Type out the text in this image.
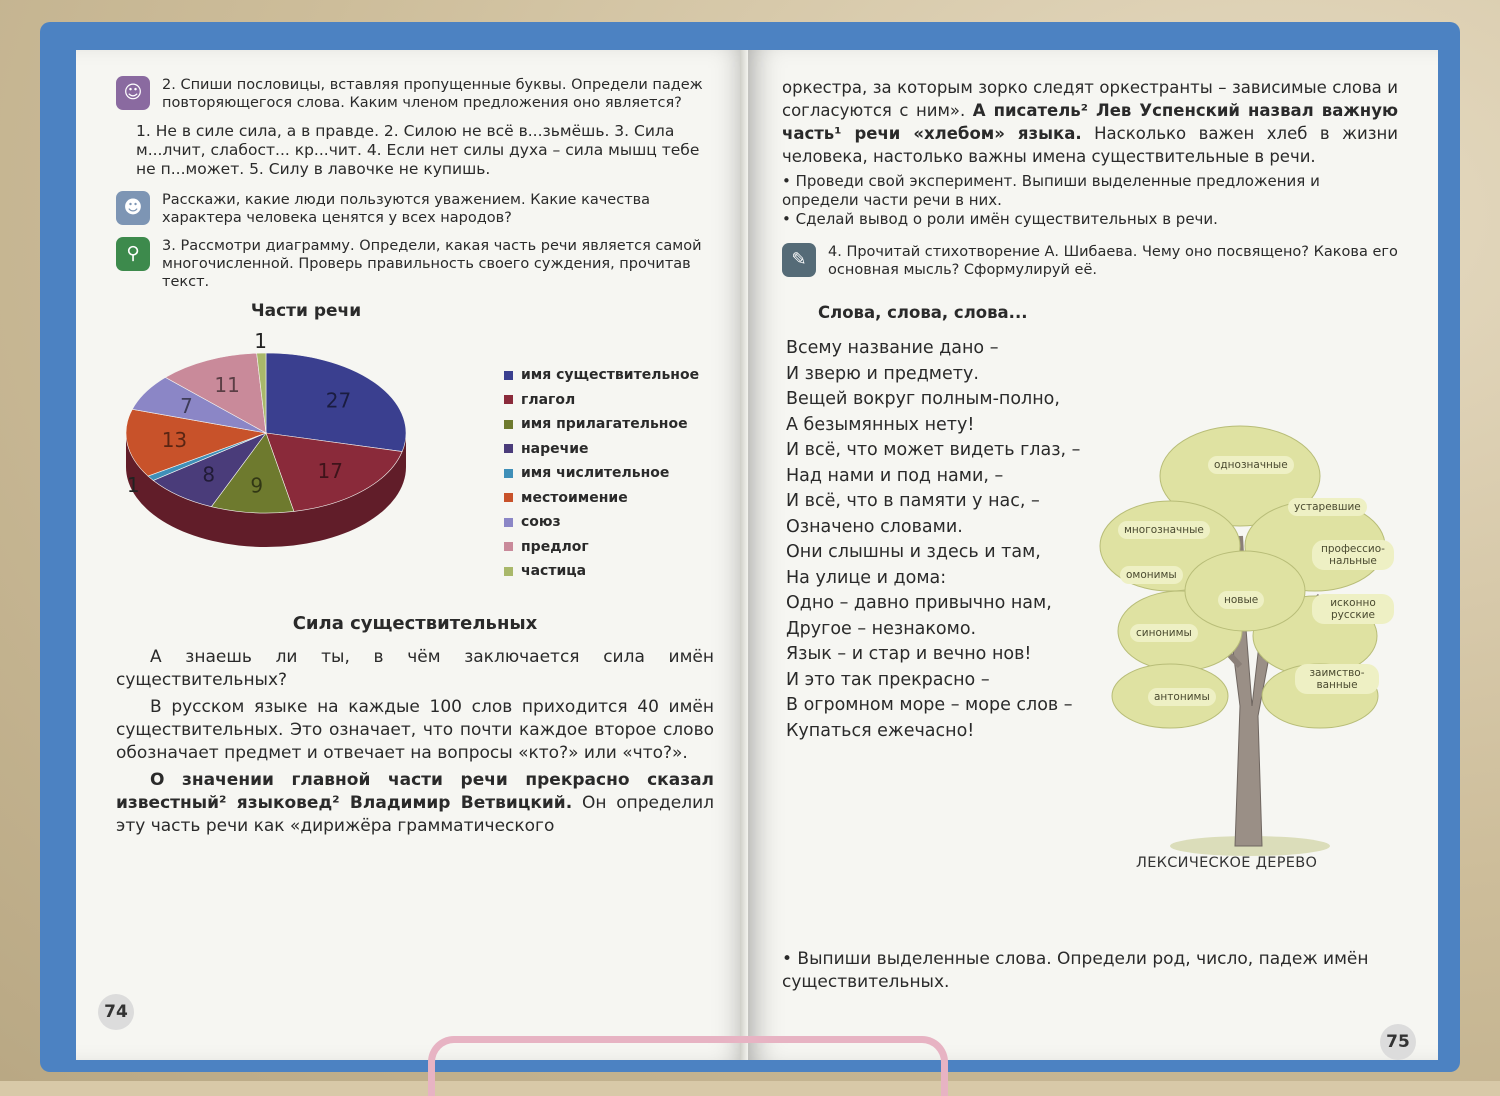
☺	2. Спиши пословицы, вставляя пропущенные буквы. Определи падеж повторяющегося слова. Каким членом предложения оно является?
1. Не в силе сила, а в правде. 2. Силою не всё в...зьмёшь. 3. Сила м...лчит, слабост... кр...чит. 4. Если нет силы духа – сила мышц тебе не п...может. 5. Силу в лавочке не купишь.
☻	Расскажи, какие люди пользуются уважением. Какие качества характера человека ценятся у всех народов?
⚲	3. Рассмотри диаграмму. Определи, какая часть речи является самой многочисленной. Проверь правильность своего суждения, прочитав текст.
Части речи
27
17
9
8
1
13
7
11
1
имя существительное
глагол
имя прилагательное
наречие
имя числительное
местоимение
союз
предлог
частица
Сила существительных

А знаешь ли ты, в чём заключается сила имён существительных?

В русском языке на каждые 100 слов приходится 40 имён существительных. Это означает, что почти каждое второе слово обозначает предмет и отвечает на вопросы «кто?» или «что?».

О значении главной части речи прекрасно сказал известный² языковед² Владимир Ветвицкий. Он определил эту часть речи как «дирижёра грамматического

74

оркестра, за которым зорко следят оркестранты – зависимые слова и согласуются с ним». А писатель² Лев Успенский назвал важную часть¹ речи «хлебом» языка. Насколько важен хлеб в жизни человека, настолько важны имена существительные в речи.

• Проведи свой эксперимент. Выпиши выделенные предложения и определи части речи в них.
• Сделай вывод о роли имён существительных в речи.
✎	4. Прочитай стихотворение А. Шибаева. Чему оно посвящено? Какова его основная мысль? Сформулируй её.
Слова, слова, слова...
Всему название дано –
И зверю и предмету.
Вещей вокруг полным-полно,
А безымянных нету!
И всё, что может видеть глаз, –
Над нами и под нами, –
И всё, что в памяти у нас, –
Означено словами.
Они слышны и здесь и там,
На улице и дома:
Одно – давно привычно нам,
Другое – незнакомо.
Язык – и стар и вечно нов!
И это так прекрасно –
В огромном море – море слов –
Купаться ежечасно!
однозначные
устаревшие
многозначные
профессио-нальные
омонимы
новые	исконно русские
синонимы
заимство-ванные
антонимы
ЛЕКСИЧЕСКОЕ ДЕРЕВО
• Выпиши выделенные слова. Определи род, число, падеж имён существительных.
75
